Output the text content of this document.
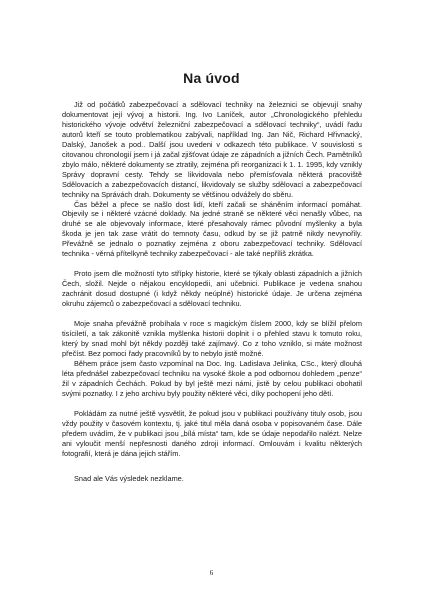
Na úvod

Již od počátků zabezpečovací a sdělovací techniky na železnici se objevují snahy dokumentovat její vývoj a historii. Ing. Ivo Laníček, autor „Chronologického přehledu historického vývoje odvětví železniční zabezpečovací a sdělovací techniky“, uvádí řadu autorů kteří se touto problematikou zabývali, například Ing. Jan Nič, Richard Hřivnacký, Dalský, Janošek a pod.. Další jsou uvedeni v odkazech této publikace. V souvislosti s citovanou chronologií jsem i já začal zjišťovat údaje ze západních a jižních Čech. Pamětníků zbylo málo, některé dokumenty se ztratily, zejména při reorganizaci k 1. 1. 1995, kdy vznikly Správy dopravní cesty. Tehdy se likvidovala nebo přemísťovala některá pracoviště Sdělovacích a zabezpečovacích distancí, likvidovaly se služby sdělovací a zabezpečovací techniky na Správách drah. Dokumenty se většinou odvážely do sběru.

Čas běžel a přece se našlo dost lidí, kteří začali se sháněním informací pomáhat. Objevily se i některé vzácné doklady. Na jedné straně se některé věci nenašly vůbec, na druhé se ale objevovaly informace, které přesahovaly rámec původní myšlenky a byla škoda je jen tak zase vrátit do temnoty času, odkud by se již patrně nikdy nevynořily. Převážně se jednalo o poznatky zejména z oboru zabezpečovací techniky. Sdělovací technika - věrná přítelkyně techniky zabezpečovací - ale také nepříliš zkrátka.

Proto jsem dle možností tyto střípky historie, které se týkaly oblasti západních a jižních Čech, složil. Nejde o nějakou encyklopedii, ani učebnici. Publikace je vedena snahou zachránit dosud dostupné (i když někdy neúplné) historické údaje. Je určena zejména okruhu zájemců o zabezpečovací a sdělovací techniku.

Moje snaha převážně probíhala v roce s magickým číslem 2000, kdy se blížil přelom tisíciletí, a tak zákonitě vznikla myšlenka historii doplnit i o přehled stavu k tomuto roku, který by snad mohl být někdy později také zajímavý. Co z toho vzniklo, si máte možnost přečíst. Bez pomoci řady pracovníků by to nebylo jistě možné.

Během práce jsem často vzpomínal na Doc. Ing. Ladislava Jelinka, CSc., který dlouhá léta přednášel zabezpečovací techniku na vysoké škole a pod odbornou dohledem „penze“ žil v západních Čechách. Pokud by byl ještě mezi námi, jistě by celou publikaci obohatil svými poznatky. I z jeho archivu byly použity některé věci, díky pochopení jeho dětí.

Pokládám za nutné ještě vysvětlit, že pokud jsou v publikaci používány tituly osob, jsou vždy použity v časovém kontextu, tj. jaké titul měla daná osoba v popisovaném čase. Dále předem uvádím, že v publikaci jsou „bílá místa“ tam, kde se údaje nepodařilo nalézt. Nelze ani vyloučit menší nepřesnosti daného zdroji informací. Omlouvám i kvalitu některých fotografií, která je dána jejich stářím.

Snad ale Vás výsledek nezklame.

6
